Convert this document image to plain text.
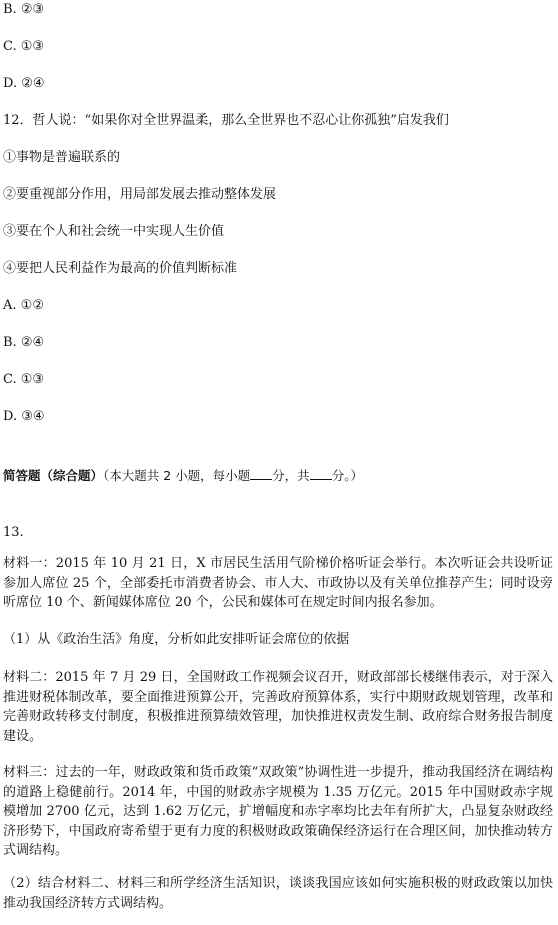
B. ②③
C. ①③
D. ②④
12．哲人说：“如果你对全世界温柔，那么全世界也不忍心让你孤独”启发我们
①事物是普遍联系的
②要重视部分作用，用局部发展去推动整体发展
③要在个人和社会统一中实现人生价值
④要把人民利益作为最高的价值判断标准
A. ①②
B. ②④
C. ①③
D. ③④
简答题（综合题）（本大题共 2 小题，每小题 分，共 分。）
13.
材料一：2015 年 10 月 21 日，X 市居民生活用气阶梯价格听证会举行。本次听证会共设听证参加人席位 25 个，全部委托市消费者协会、市人大、市政协以及有关单位推荐产生；同时设旁听席位 10 个、新闻媒体席位 20 个，公民和媒体可在规定时间内报名参加。
（1）从《政治生活》角度，分析如此安排听证会席位的依据
材料二：2015 年 7 月 29 日，全国财政工作视频会议召开，财政部部长楼继伟表示，对于深入推进财税体制改革，要全面推进预算公开，完善政府预算体系，实行中期财政规划管理，改革和完善财政转移支付制度，积极推进预算绩效管理，加快推进权责发生制、政府综合财务报告制度建设。
材料三：过去的一年，财政政策和货币政策“双政策”协调性进一步提升，推动我国经济在调结构的道路上稳健前行。2014 年，中国的财政赤字规模为 1.35 万亿元。2015 年中国财政赤字规模增加 2700 亿元，达到 1.62 万亿元，扩增幅度和赤字率均比去年有所扩大，凸显复杂财政经济形势下，中国政府寄希望于更有力度的积极财政政策确保经济运行在合理区间，加快推动转方式调结构。
（2）结合材料二、材料三和所学经济生活知识，谈谈我国应该如何实施积极的财政政策以加快推动我国经济转方式调结构。
